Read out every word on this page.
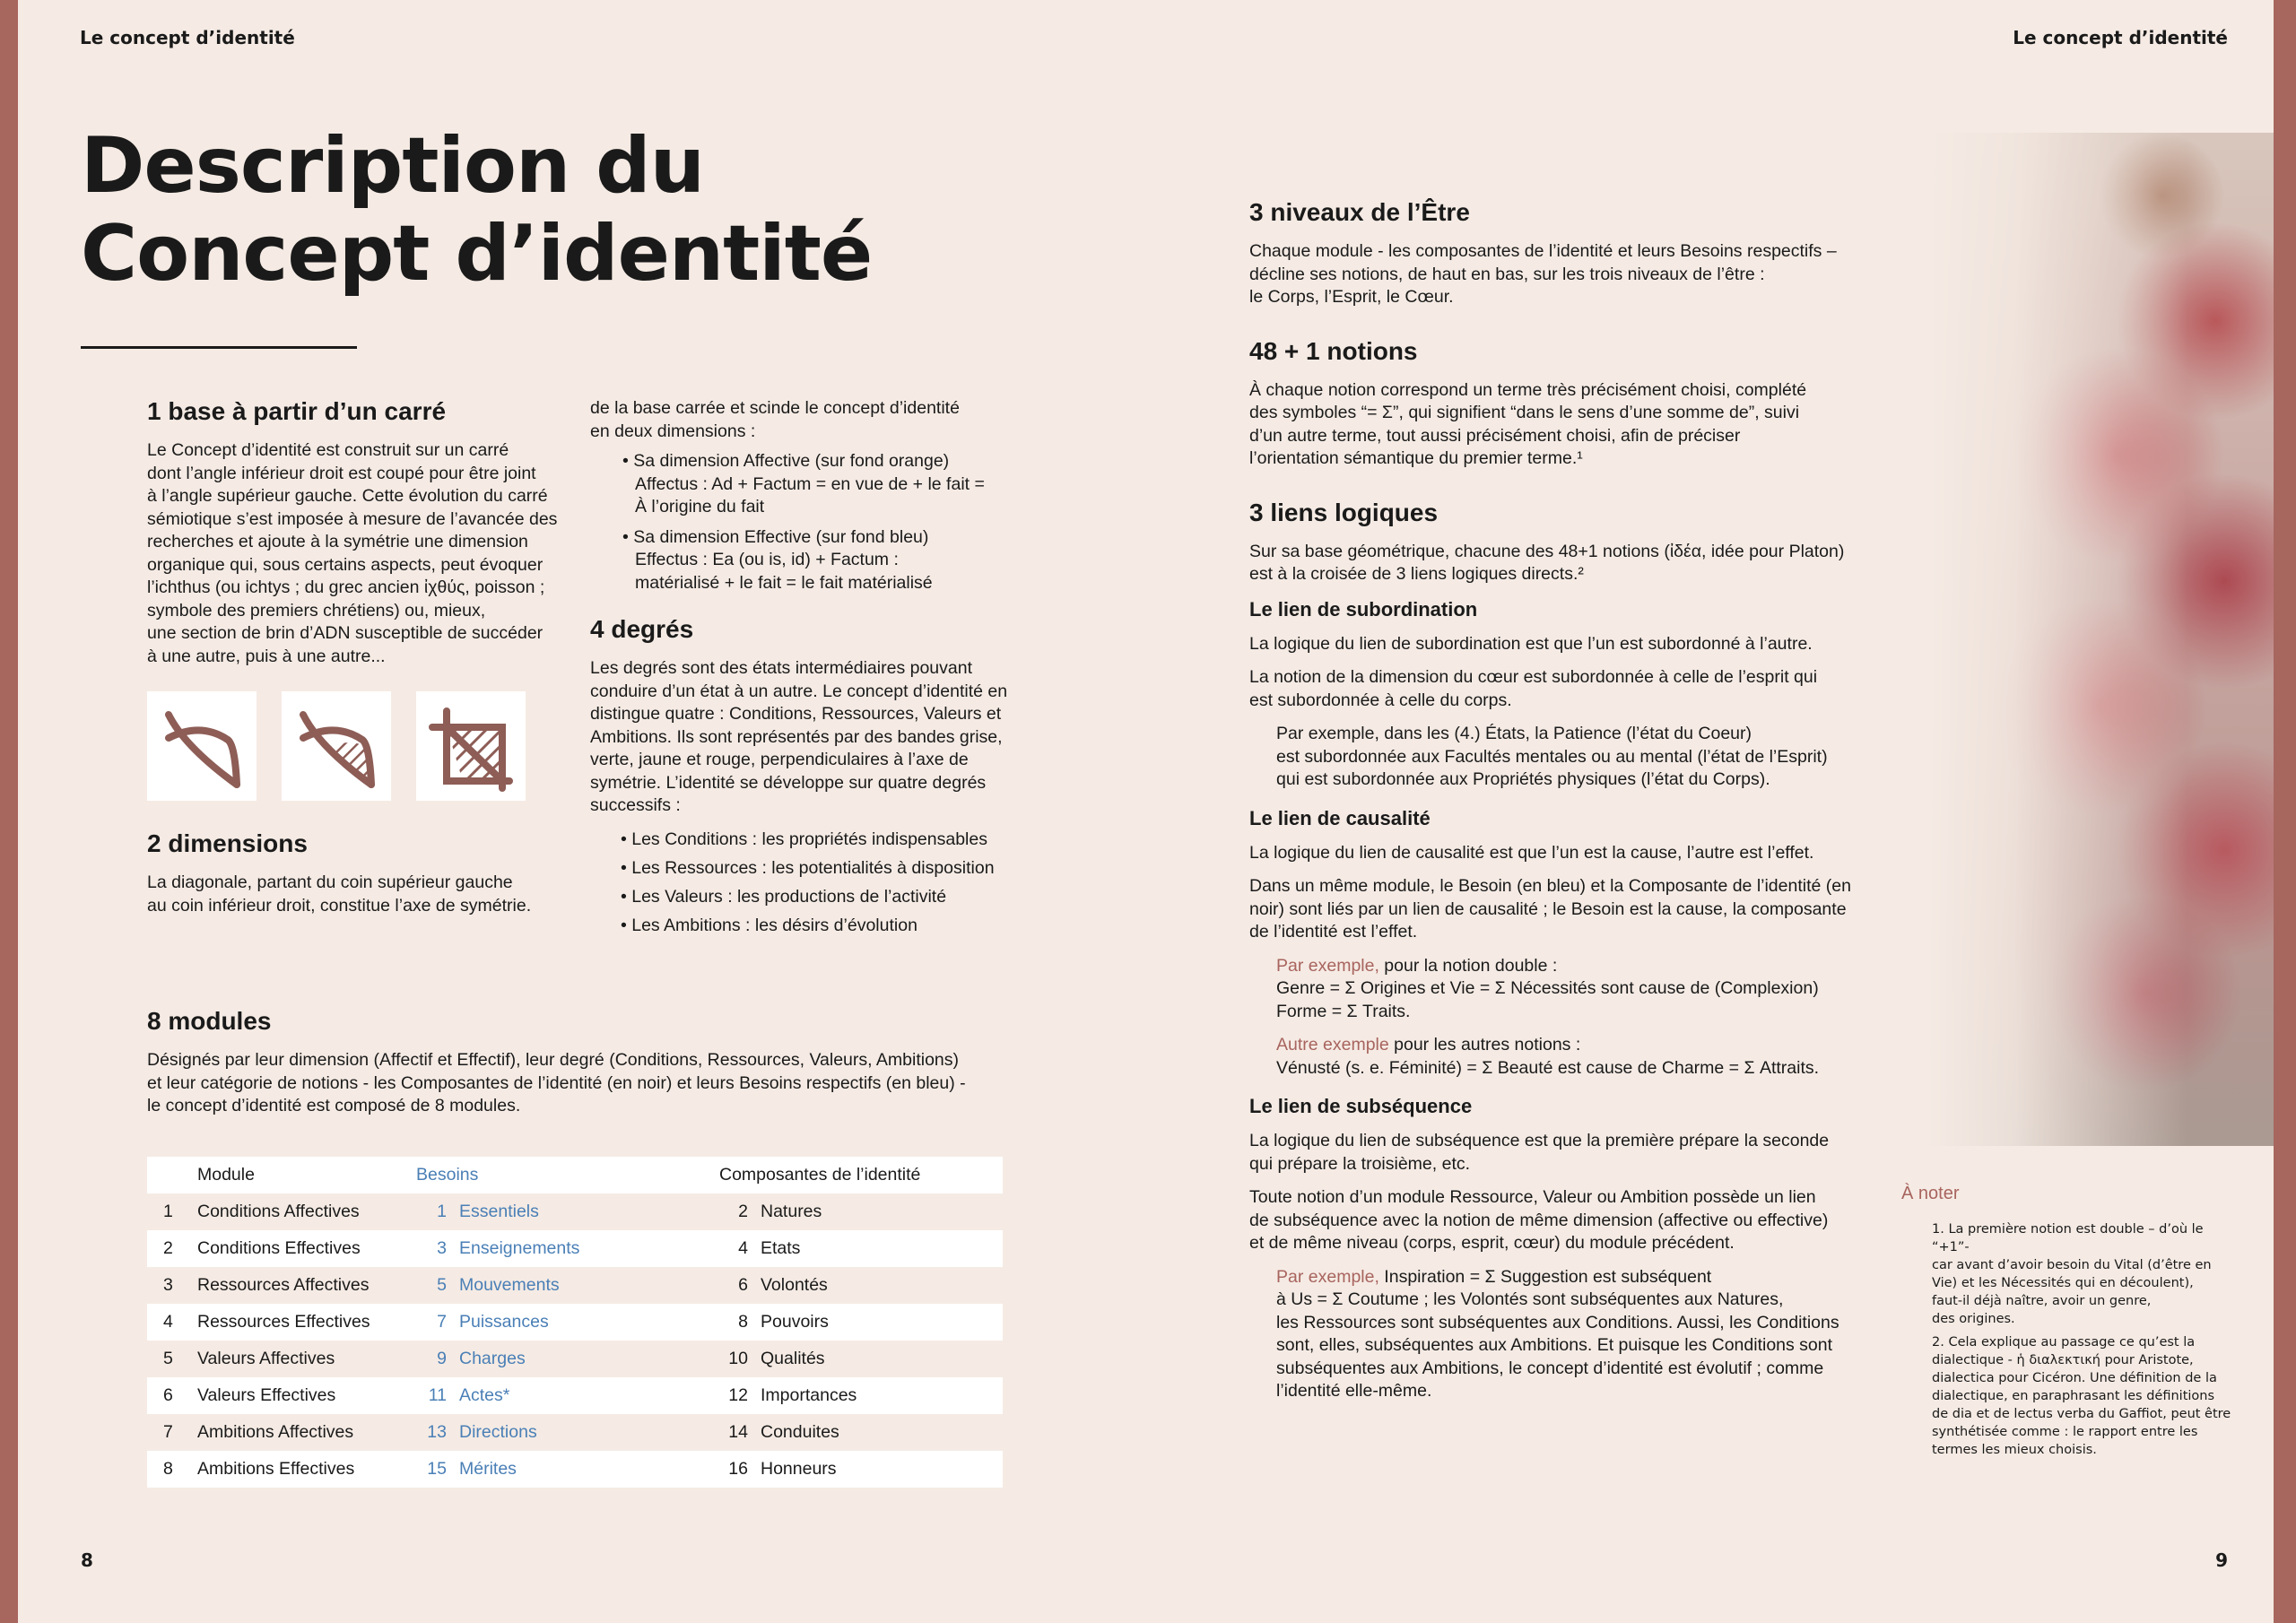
Le concept d’identité	Le concept d’identité
Description du
Concept d’identité
1 base à partir d’un carré

Le Concept d’identité est construit sur un carré
dont l’angle inférieur droit est coupé pour être joint
à l’angle supérieur gauche. Cette évolution du carré
sémiotique s’est imposée à mesure de l’avancée des
recherches et ajoute à la symétrie une dimension
organique qui, sous certains aspects, peut évoquer
l’ichthus (ou ichtys ; du grec ancien ἰχθύς, poisson ;
symbole des premiers chrétiens) ou, mieux,
une section de brin d’ADN susceptible de succéder
à une autre, puis à une autre...

2 dimensions

La diagonale, partant du coin supérieur gauche
au coin inférieur droit, constitue l’axe de symétrie.

de la base carrée et scinde le concept d’identité
en deux dimensions :

• Sa dimension Affective (sur fond orange)
Affectus : Ad + Factum = en vue de + le fait =
À l’origine du fait
• Sa dimension Effective (sur fond bleu)
Effectus : Ea (ou is, id) + Factum :
matérialisé + le fait = le fait matérialisé
4 degrés

Les degrés sont des états intermédiaires pouvant
conduire d’un état à un autre. Le concept d’identité en
distingue quatre : Conditions, Ressources, Valeurs et
Ambitions. Ils sont représentés par des bandes grise,
verte, jaune et rouge, perpendiculaires à l’axe de
symétrie. L’identité se développe sur quatre degrés
successifs :

• Les Conditions : les propriétés indispensables
• Les Ressources : les potentialités à disposition
• Les Valeurs : les productions de l’activité
• Les Ambitions : les désirs d’évolution
8 modules

Désignés par leur dimension (Affectif et Effectif), leur degré (Conditions, Ressources, Valeurs, Ambitions)
et leur catégorie de notions - les Composantes de l’identité (en noir) et leurs Besoins respectifs (en bleu) -
le concept d’identité est composé de 8 modules.

	Module	Besoins		Composantes de l’identité	
1	Conditions Affectives	1	Essentiels	2	Natures
2	Conditions Effectives	3	Enseignements	4	Etats
3	Ressources Affectives	5	Mouvements	6	Volontés
4	Ressources Effectives	7	Puissances	8	Pouvoirs
5	Valeurs Affectives	9	Charges	10	Qualités
6	Valeurs Effectives	11	Actes*	12	Importances
7	Ambitions Affectives	13	Directions	14	Conduites
8	Ambitions Effectives	15	Mérites	16	Honneurs
3 niveaux de l’Être

Chaque module - les composantes de l’identité et leurs Besoins respectifs –
décline ses notions, de haut en bas, sur les trois niveaux de l’être :
le Corps, l’Esprit, le Cœur.

48 + 1 notions

À chaque notion correspond un terme très précisément choisi, complété
des symboles “= Σ”, qui signifient “dans le sens d’une somme de”, suivi
d’un autre terme, tout aussi précisément choisi, afin de préciser
l’orientation sémantique du premier terme.¹

3 liens logiques

Sur sa base géométrique, chacune des 48+1 notions (ἰδέα, idée pour Platon)
est à la croisée de 3 liens logiques directs.²

Le lien de subordination

La logique du lien de subordination est que l’un est subordonné à l’autre.

La notion de la dimension du cœur est subordonnée à celle de l’esprit qui
est subordonnée à celle du corps.

Par exemple, dans les (4.) États, la Patience (l’état du Coeur)
est subordonnée aux Facultés mentales ou au mental (l’état de l’Esprit)
qui est subordonnée aux Propriétés physiques (l’état du Corps).

Le lien de causalité

La logique du lien de causalité est que l’un est la cause, l’autre est l’effet.

Dans un même module, le Besoin (en bleu) et la Composante de l’identité (en
noir) sont liés par un lien de causalité ; le Besoin est la cause, la composante
de l’identité est l’effet.

Par exemple, pour la notion double :
Genre = Σ Origines et Vie = Σ Nécessités sont cause de (Complexion)
Forme = Σ Traits.

Autre exemple pour les autres notions :
Vénusté (s. e. Féminité) = Σ Beauté est cause de Charme = Σ Attraits.

Le lien de subséquence

La logique du lien de subséquence est que la première prépare la seconde
qui prépare la troisième, etc.

Toute notion d’un module Ressource, Valeur ou Ambition possède un lien
de subséquence avec la notion de même dimension (affective ou effective)
et de même niveau (corps, esprit, cœur) du module précédent.

Par exemple, Inspiration = Σ Suggestion est subséquent
à Us = Σ Coutume ; les Volontés sont subséquentes aux Natures,
les Ressources sont subséquentes aux Conditions. Aussi, les Conditions
sont, elles, subséquentes aux Ambitions. Et puisque les Conditions sont
subséquentes aux Ambitions, le concept d’identité est évolutif ; comme
l’identité elle-même.

À noter

1. La première notion est double – d’où le “+1”-
car avant d’avoir besoin du Vital (d’être en
Vie) et les Nécessités qui en découlent),
faut-il déjà naître, avoir un genre,
des origines.

2. Cela explique au passage ce qu’est la
dialectique - ἡ διαλεκτική pour Aristote,
dialectica pour Cicéron. Une définition de la
dialectique, en paraphrasant les définitions
de dia et de lectus verba du Gaffiot, peut être
synthétisée comme : le rapport entre les
termes les mieux choisis.

8	9
